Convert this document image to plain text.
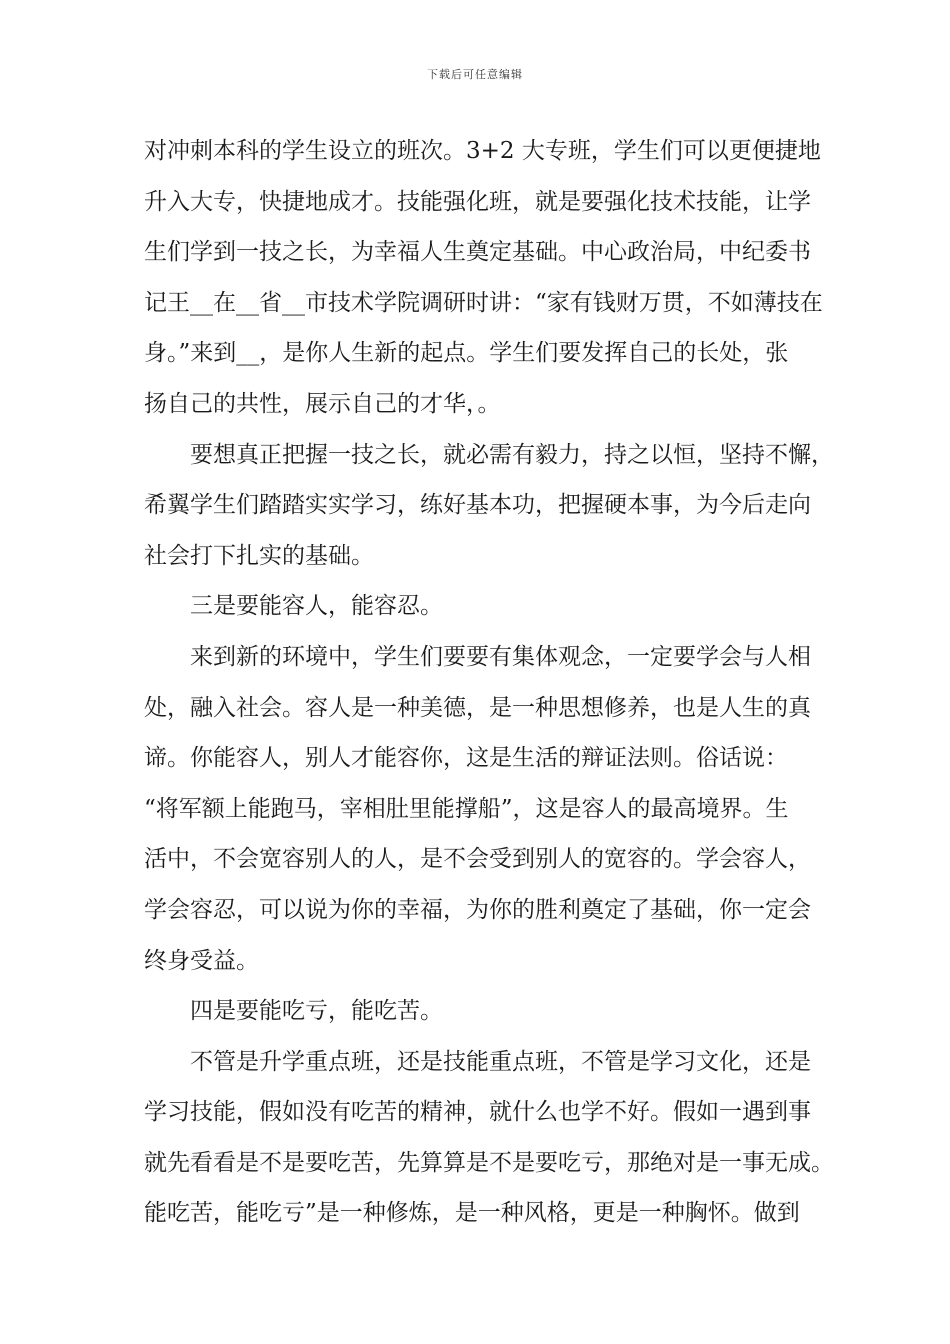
下载后可任意编辑
对冲刺本科的学生设立的班次。3+2 大专班，学生们可以更便捷地
升入大专，快捷地成才。技能强化班，就是要强化技术技能，让学
生们学到一技之长，为幸福人生奠定基础。中心政治局，中纪委书
记王__在__省__市技术学院调研时讲：“家有钱财万贯，不如薄技在
身。”来到__，是你人生新的起点。学生们要发挥自己的长处，张
扬自己的共性，展示自己的才华，。
要想真正把握一技之长，就必需有毅力，持之以恒，坚持不懈，
希翼学生们踏踏实实学习，练好基本功，把握硬本事，为今后走向
社会打下扎实的基础。
三是要能容人，能容忍。
来到新的环境中，学生们要要有集体观念，一定要学会与人相
处，融入社会。容人是一种美德，是一种思想修养，也是人生的真
谛。你能容人，别人才能容你，这是生活的辩证法则。俗话说：
“将军额上能跑马，宰相肚里能撑船”，这是容人的最高境界。生
活中，不会宽容别人的人，是不会受到别人的宽容的。学会容人，
学会容忍，可以说为你的幸福，为你的胜利奠定了基础，你一定会
终身受益。
四是要能吃亏，能吃苦。
不管是升学重点班，还是技能重点班，不管是学习文化，还是
学习技能，假如没有吃苦的精神，就什么也学不好。假如一遇到事
就先看看是不是要吃苦，先算算是不是要吃亏，那绝对是一事无成。
能吃苦，能吃亏”是一种修炼，是一种风格，更是一种胸怀。做到
